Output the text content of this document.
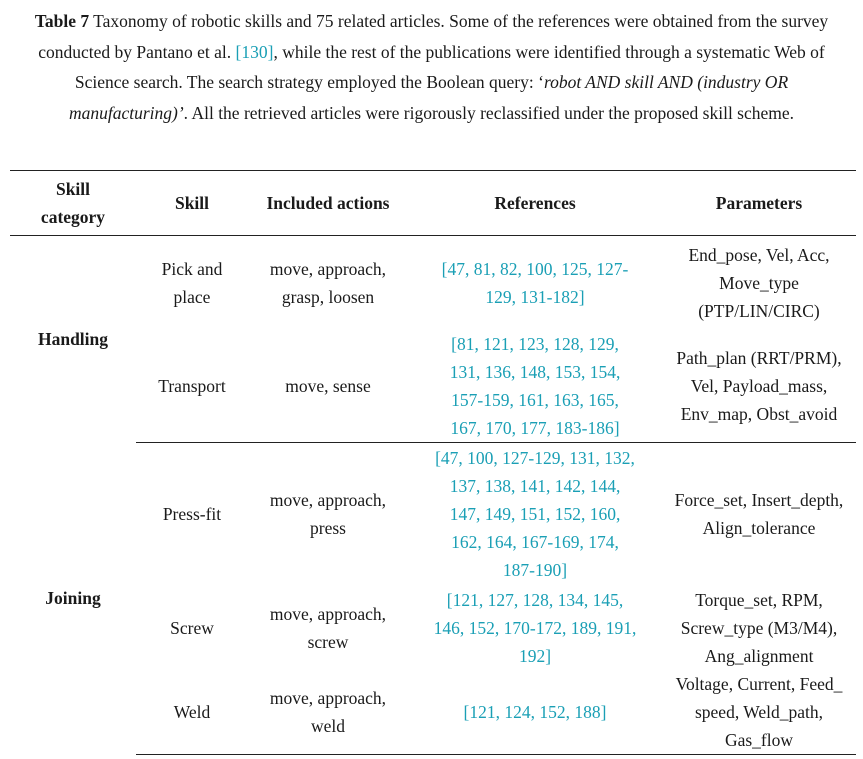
Table 7 Taxonomy of robotic skills and 75 related articles. Some of the references were obtained from the survey conducted by Pantano et al. [130], while the rest of the publications were identified through a systematic Web of Science search. The search strategy employed the Boolean query: ‘robot AND skill AND (industry OR manufacturing)’. All the retrieved articles were rigorously reclassified under the proposed skill scheme.
Skill category	Skill	Included actions	References	Parameters
Handling	Pick and place	move, approach, grasp, loosen	[47, 81, 82, 100, 125, 127-129, 131-182]	End_pose, Vel, Acc, Move_type (PTP/LIN/CIRC)
	Transport	move, sense	[81, 121, 123, 128, 129, 131, 136, 148, 153, 154, 157-159, 161, 163, 165, 167, 170, 177, 183-186]	Path_plan (RRT/PRM), Vel, Payload_mass, Env_map, Obst_avoid
Joining	Press-fit	move, approach, press	[47, 100, 127-129, 131, 132, 137, 138, 141, 142, 144, 147, 149, 151, 152, 160, 162, 164, 167-169, 174, 187-190]	Force_set, Insert_depth, Align_tolerance
	Screw	move, approach, screw	[121, 127, 128, 134, 145, 146, 152, 170-172, 189, 191, 192]	Torque_set, RPM, Screw_type (M3/M4), Ang_alignment
	Weld	move, approach, weld	[121, 124, 152, 188]	Voltage, Current, Feed_ speed, Weld_path, Gas_flow
